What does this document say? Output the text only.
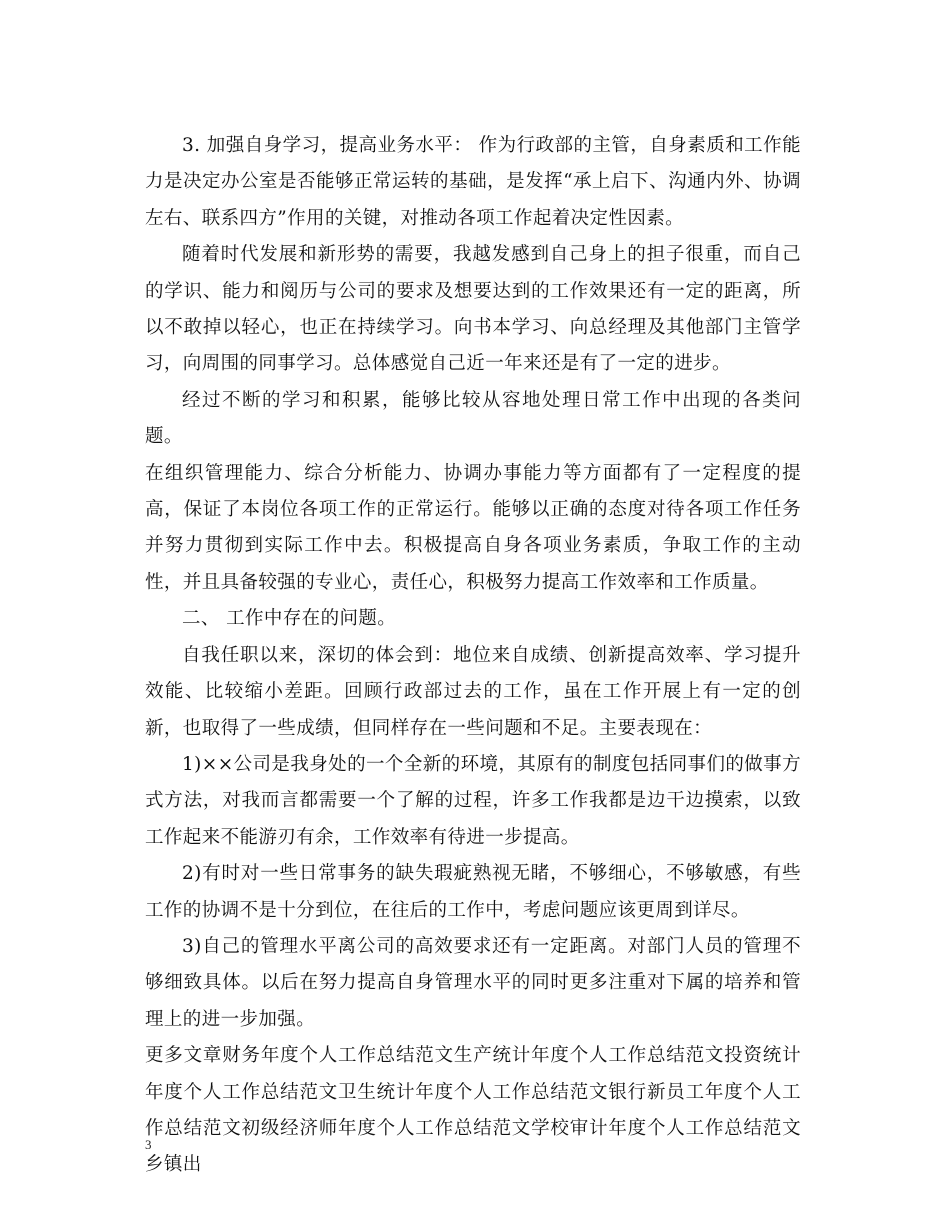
3. 加强自身学习，提高业务水平： 作为行政部的主管，自身素质和工作能力是决定办公室是否能够正常运转的基础，是发挥“承上启下、沟通内外、协调左右、联系四方”作用的关键，对推动各项工作起着决定性因素。

随着时代发展和新形势的需要，我越发感到自己身上的担子很重，而自己的学识、能力和阅历与公司的要求及想要达到的工作效果还有一定的距离，所以不敢掉以轻心，也正在持续学习。向书本学习、向总经理及其他部门主管学习，向周围的同事学习。总体感觉自己近一年来还是有了一定的进步。

经过不断的学习和积累，能够比较从容地处理日常工作中出现的各类问题。

在组织管理能力、综合分析能力、协调办事能力等方面都有了一定程度的提高，保证了本岗位各项工作的正常运行。能够以正确的态度对待各项工作任务并努力贯彻到实际工作中去。积极提高自身各项业务素质，争取工作的主动性，并且具备较强的专业心，责任心，积极努力提高工作效率和工作质量。

二、 工作中存在的问题。

自我任职以来，深切的体会到：地位来自成绩、创新提高效率、学习提升效能、比较缩小差距。回顾行政部过去的工作，虽在工作开展上有一定的创新，也取得了一些成绩，但同样存在一些问题和不足。主要表现在：

1)××公司是我身处的一个全新的环境，其原有的制度包括同事们的做事方式方法，对我而言都需要一个了解的过程，许多工作我都是边干边摸索，以致工作起来不能游刃有余，工作效率有待进一步提高。

2)有时对一些日常事务的缺失瑕疵熟视无睹，不够细心，不够敏感，有些工作的协调不是十分到位，在往后的工作中，考虑问题应该更周到详尽。

3)自己的管理水平离公司的高效要求还有一定距离。对部门人员的管理不够细致具体。以后在努力提高自身管理水平的同时更多注重对下属的培养和管理上的进一步加强。

更多文章财务年度个人工作总结范文生产统计年度个人工作总结范文投资统计年度个人工作总结范文卫生统计年度个人工作总结范文银行新员工年度个人工作总结范文初级经济师年度个人工作总结范文学校审计年度个人工作总结范文乡镇出

3
